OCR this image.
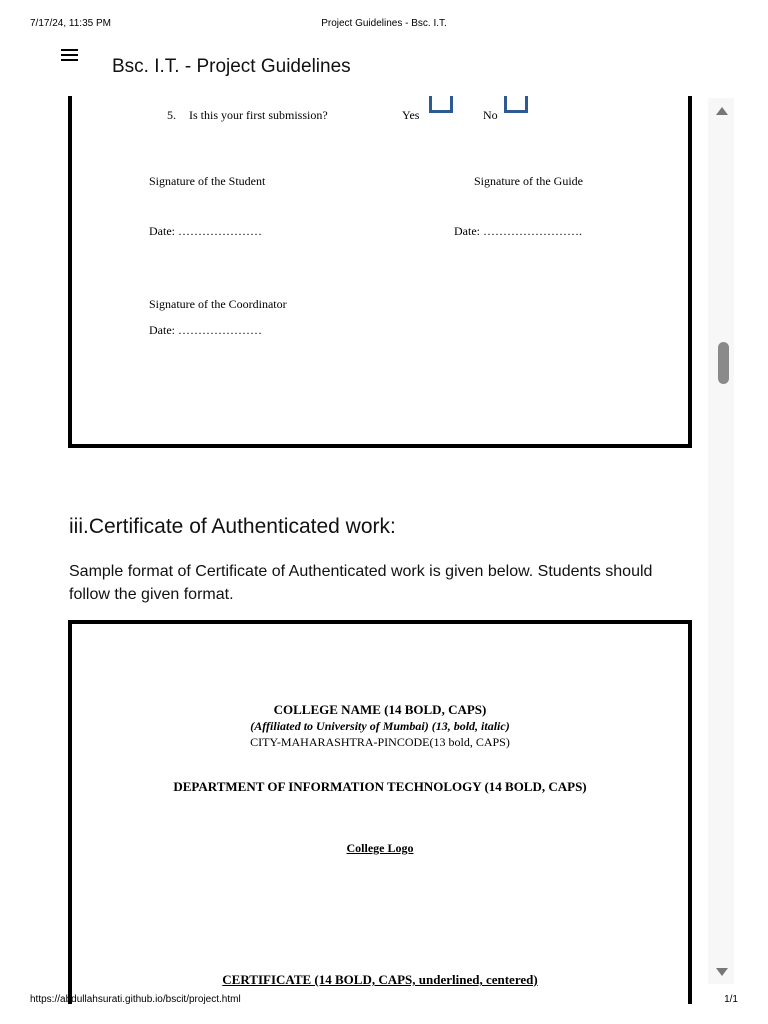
7/17/24, 11:35 PM	Project Guidelines - Bsc. I.T.
Bsc. I.T. - Project Guidelines
5. Is this your first submission?	Yes	No
Signature of the Student	Signature of the Guide
Date: …………………	Date: …………………….
Signature of the Coordinator
Date: …………………
iii.Certificate of Authenticated work:
Sample format of Certificate of Authenticated work is given below. Students should follow the given format.
COLLEGE NAME (14 BOLD, CAPS)
(Affiliated to University of Mumbai) (13, bold, italic)
CITY-MAHARASHTRA-PINCODE(13 bold, CAPS)
DEPARTMENT OF INFORMATION TECHNOLOGY (14 BOLD, CAPS)
College Logo
CERTIFICATE (14 BOLD, CAPS, underlined, centered)
https://abdullahsurati.github.io/bscit/project.html	1/1
